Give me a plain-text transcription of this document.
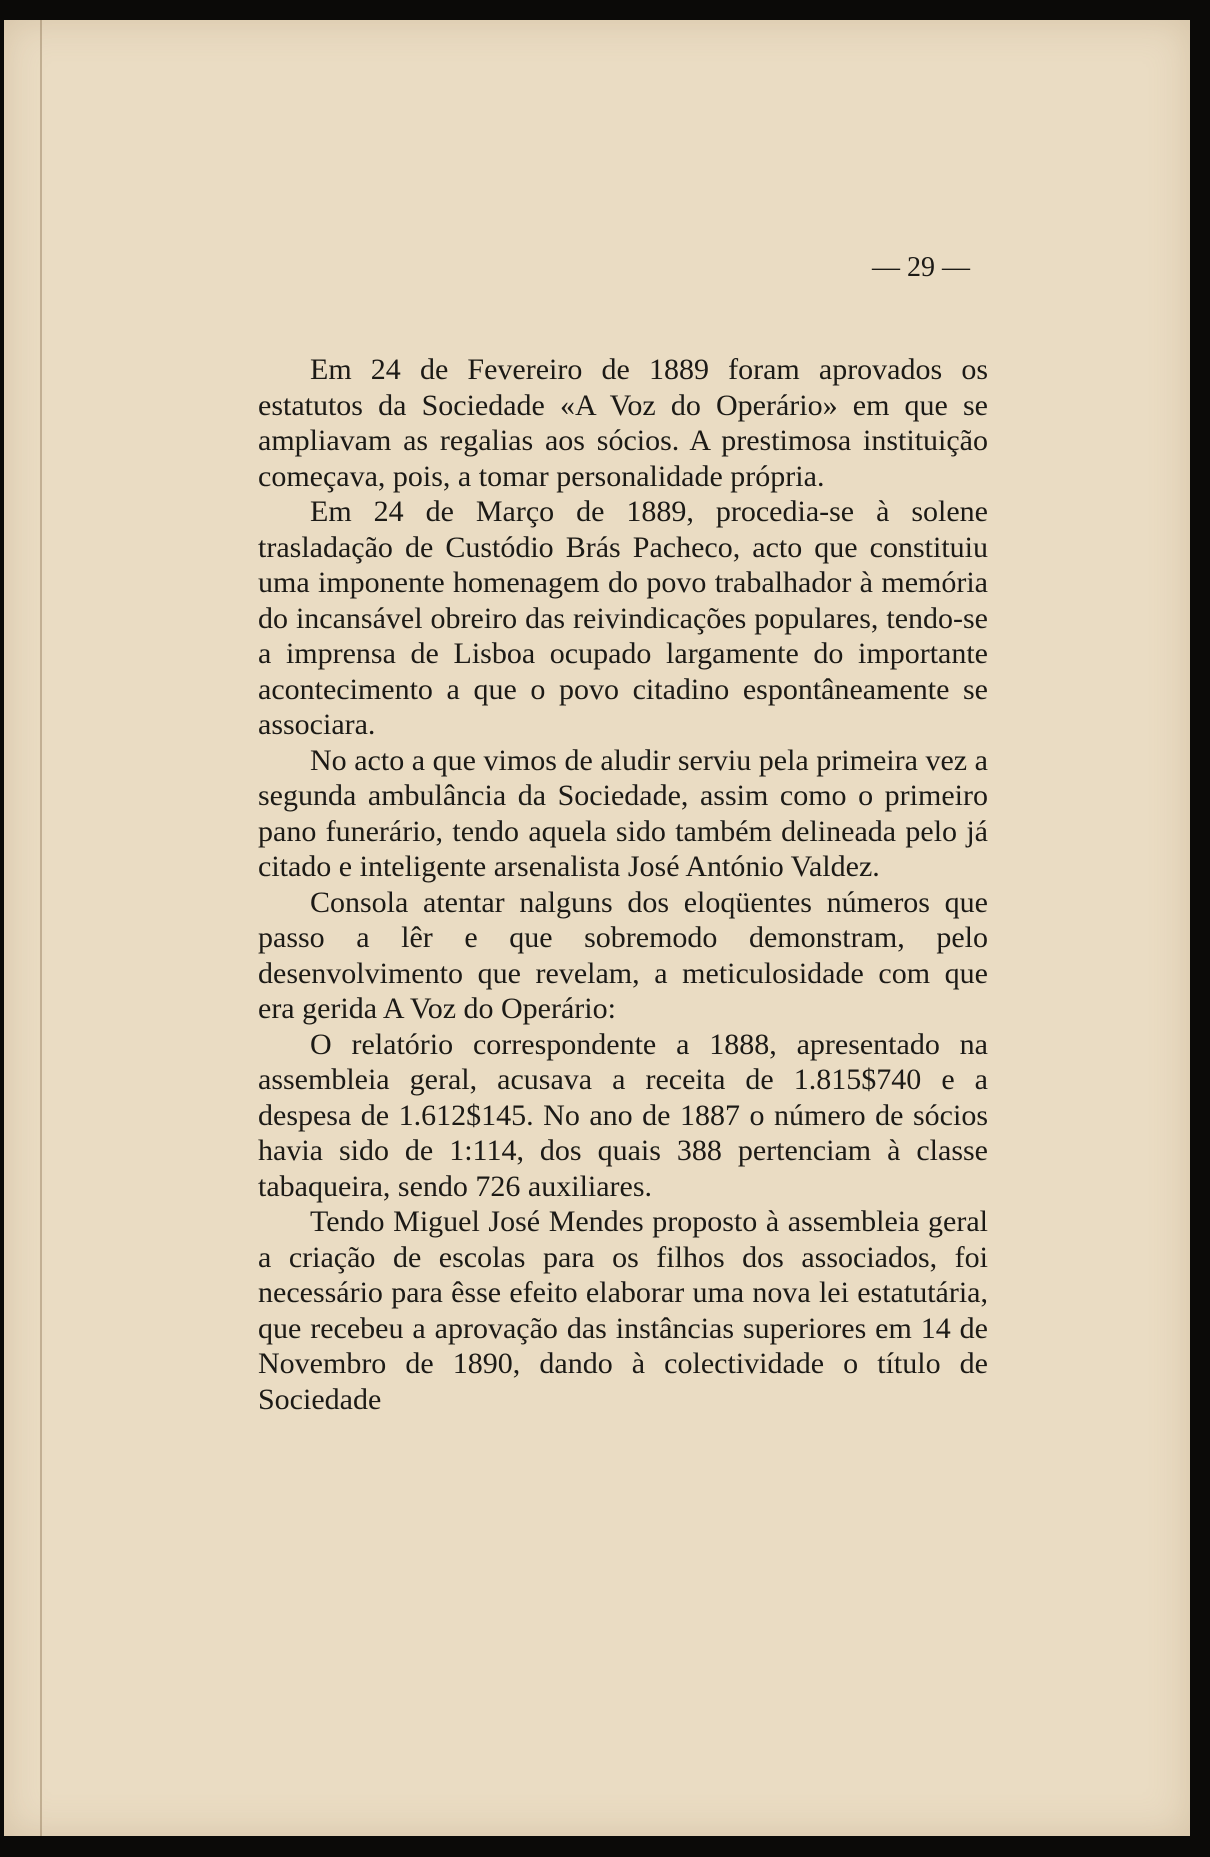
— 29 —

Em 24 de Fevereiro de 1889 foram aprovados os estatutos da Sociedade «A Voz do Operário» em que se ampliavam as regalias aos sócios. A prestimosa instituição começava, pois, a tomar personalidade própria.

Em 24 de Março de 1889, procedia-se à solene trasladação de Custódio Brás Pacheco, acto que constituiu uma imponente homenagem do povo trabalhador à memória do incansável obreiro das reivindicações populares, tendo-se a imprensa de Lisboa ocupado largamente do importante acontecimento a que o povo citadino espontâneamente se associara.

No acto a que vimos de aludir serviu pela primeira vez a segunda ambulância da Sociedade, assim como o primeiro pano funerário, tendo aquela sido também delineada pelo já citado e inteligente arsenalista José António Valdez.

Consola atentar nalguns dos eloqüentes números que passo a lêr e que sobremodo demonstram, pelo desenvolvimento que revelam, a meticulosidade com que era gerida A Voz do Operário:

O relatório correspondente a 1888, apresentado na assembleia geral, acusava a receita de 1.815$740 e a despesa de 1.612$145. No ano de 1887 o número de sócios havia sido de 1:114, dos quais 388 pertenciam à classe tabaqueira, sendo 726 auxiliares.

Tendo Miguel José Mendes proposto à assembleia geral a criação de escolas para os filhos dos associados, foi necessário para êsse efeito elaborar uma nova lei estatutária, que recebeu a aprovação das instâncias superiores em 14 de Novembro de 1890, dando à colectividade o título de Sociedade
